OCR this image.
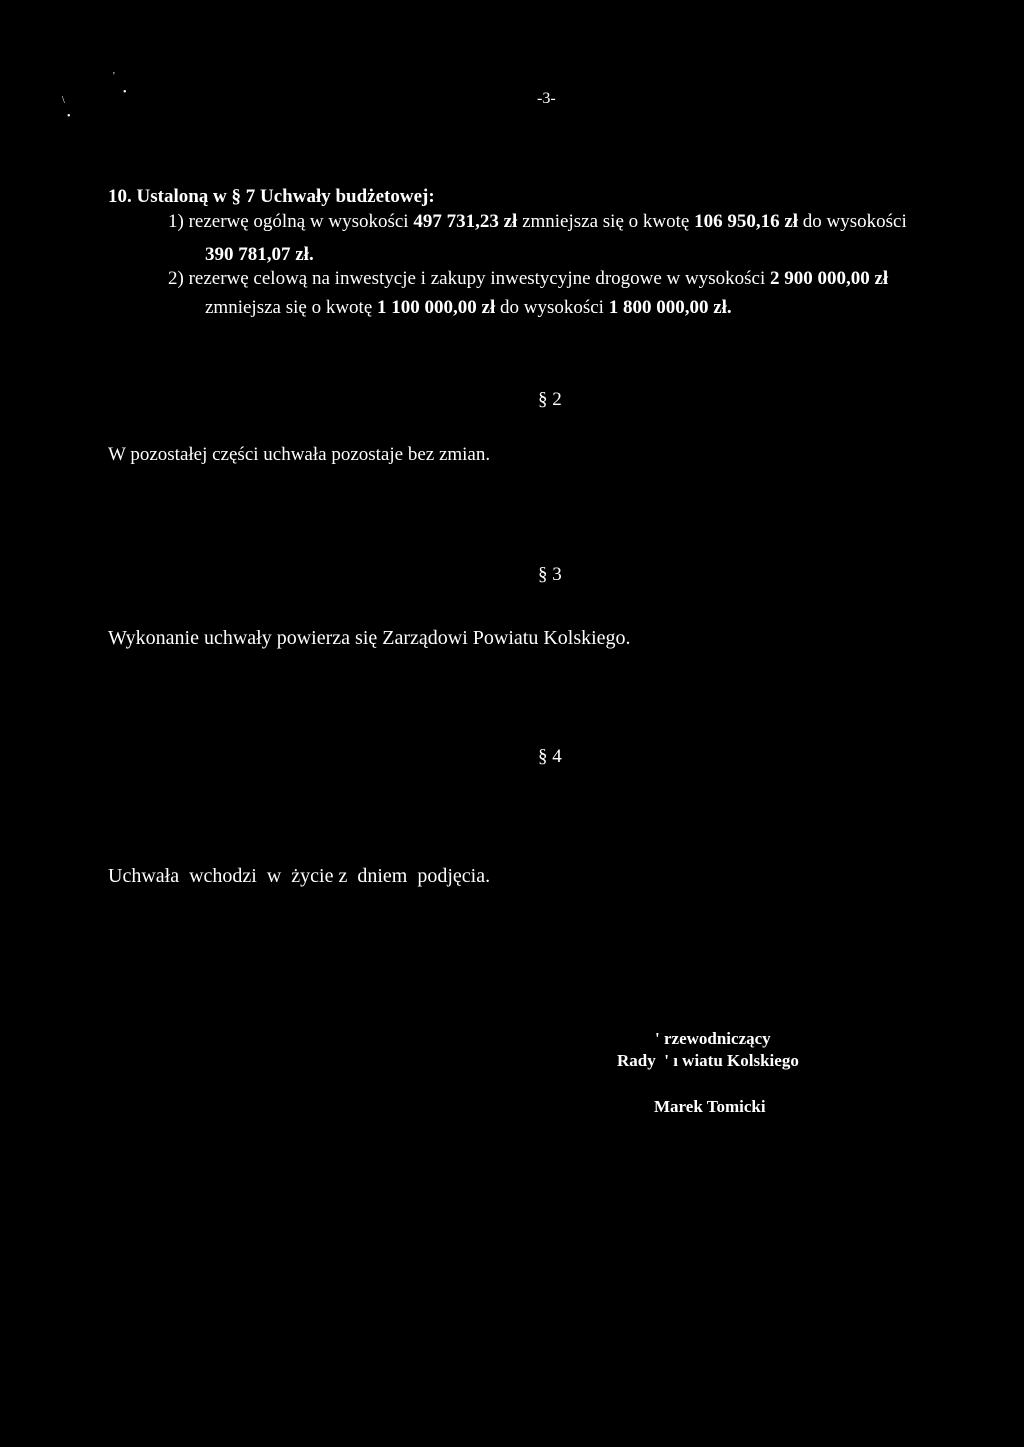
'
•
\
•
-3-
10. Ustaloną w § 7 Uchwały budżetowej:
1) rezerwę ogólną w wysokości 497 731,23 zł zmniejsza się o kwotę 106 950,16 zł do wysokości
390 781,07 zł.
2) rezerwę celową na inwestycje i zakupy inwestycyjne drogowe w wysokości 2 900 000,00 zł
zmniejsza się o kwotę 1 100 000,00 zł do wysokości 1 800 000,00 zł.
§ 2
W pozostałej części uchwała pozostaje bez zmian.
§ 3
Wykonanie uchwały powierza się Zarządowi Powiatu Kolskiego.
§ 4
Uchwała  wchodzi  w  życie z  dniem  podjęcia.
' rzewodniczący
Rady  ' ı wiatu Kolskiego
Marek Tomicki
